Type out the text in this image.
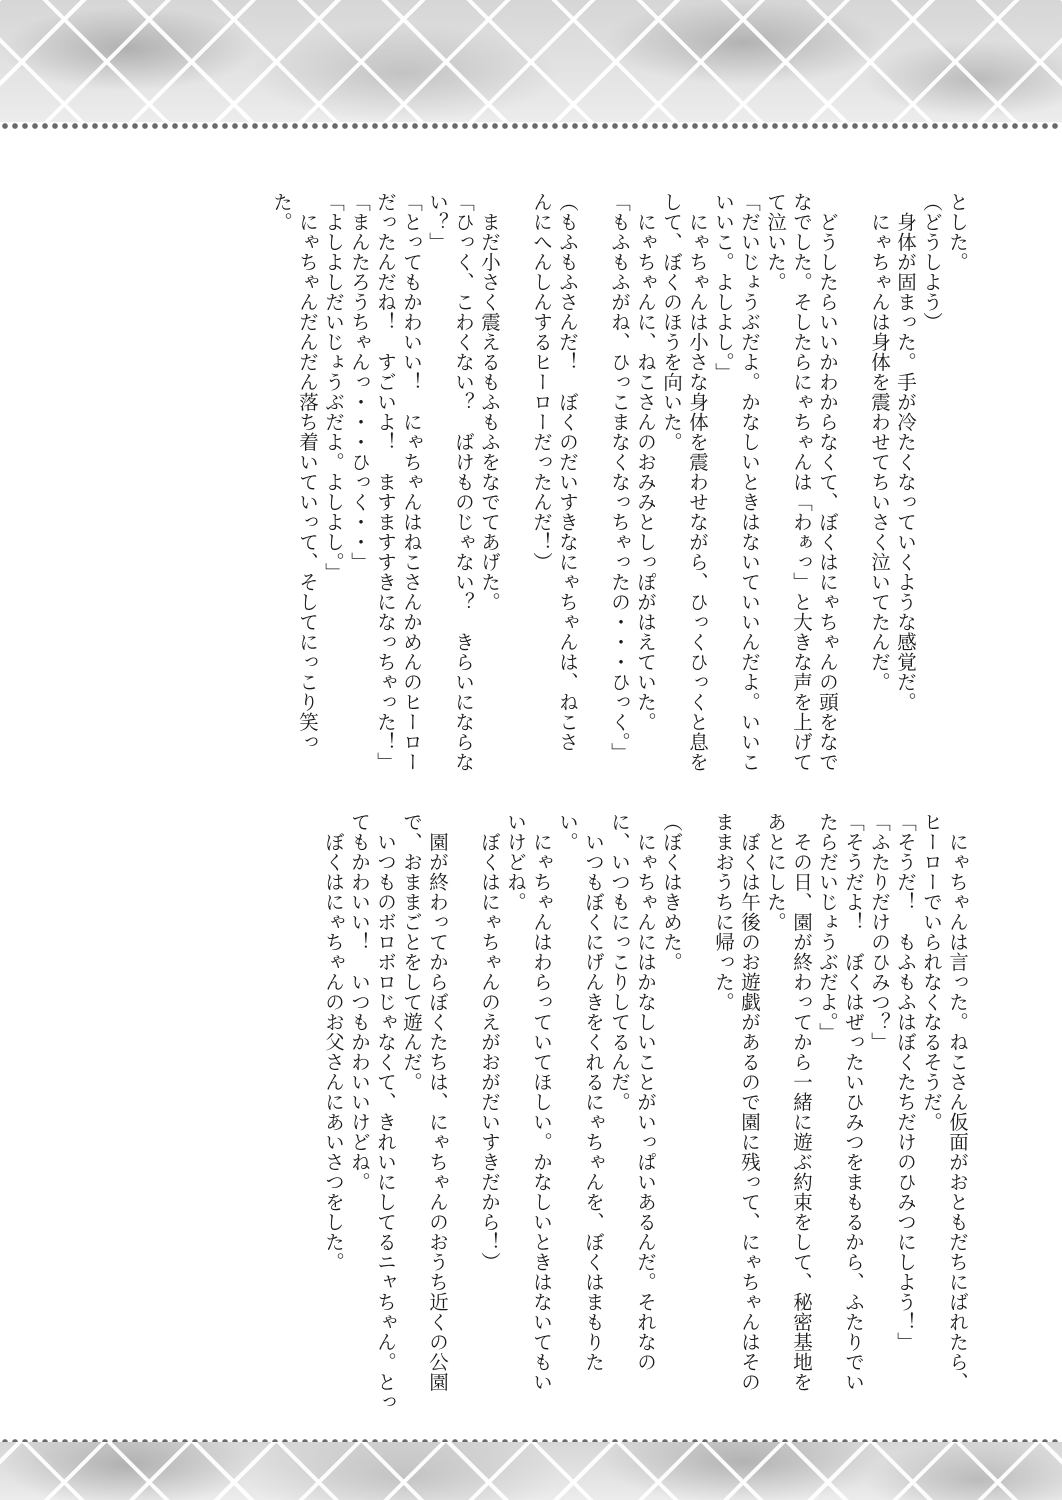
とした。
（どうしよう）
　身体が固まった。手が冷たくなっていくような感覚だ。
　にゃちゃんは身体を震わせてちいさく泣いてたんだ。

　どうしたらいいかわからなくて、ぼくはにゃちゃんの頭をなで
なでした。そしたらにゃちゃんは「わぁっ」と大きな声を上げて
て泣いた。
「だいじょうぶだよ。かなしいときはないていいんだよ。いいこ
いいこ。よしよし。」
　にゃちゃんは小さな身体を震わせながら、ひっくひっくと息を
して、ぼくのほうを向いた。
　にゃちゃんに、ねこさんのおみみとしっぽがはえていた。
「もふもふがね、ひっこまなくなっちゃったの・・・ひっく。」

（もふもふさんだ！　ぼくのだいすきなにゃちゃんは、ねこさ
んにへんしんするヒーローだったんだ！）

　まだ小さく震えるもふもふをなでてあげた。
「ひっく、こわくない？　ばけものじゃない？　きらいにならな
い？」
「とってもかわいい！　にゃちゃんはねこさんかめんのヒーロー
だったんだね！　すごいよ！　ますますすきになっちゃった！」
「まんたろうちゃんっ・・・ひっく・・」
「よしよしだいじょうぶだよ。よしよし。」
　にゃちゃんだんだん落ち着いていって、そしてにっこり笑っ
た。
　にゃちゃんは言った。ねこさん仮面がおともだちにばれたら、
ヒーローでいられなくなるそうだ。
「そうだ！　もふもふはぼくたちだけのひみつにしよう！」
「ふたりだけのひみつ？」
「そうだよ！　ぼくはぜったいひみつをまもるから、ふたりでい
たらだいじょうぶだよ。」
　その日、園が終わってから一緒に遊ぶ約束をして、秘密基地を
あとにした。
　ぼくは午後のお遊戯があるので園に残って、にゃちゃんはその
ままおうちに帰った。

（ぼくはきめた。
　にゃちゃんにはかなしいことがいっぱいあるんだ。それなの
に、いつもにっこりしてるんだ。
　いつもぼくにげんきをくれるにゃちゃんを、ぼくはまもりた
い。
　にゃちゃんはわらっていてほしい。かなしいときはないてもい
いけどね。
　ぼくはにゃちゃんのえがおがだいすきだから！）

　園が終わってからぼくたちは、にゃちゃんのおうち近くの公園
で、おままごとをして遊んだ。
　いつものボロボロじゃなくて、きれいにしてるニャちゃん。とっ
てもかわいい！　いつもかわいいけどね。
　ぼくはにゃちゃんのお父さんにあいさつをした。
